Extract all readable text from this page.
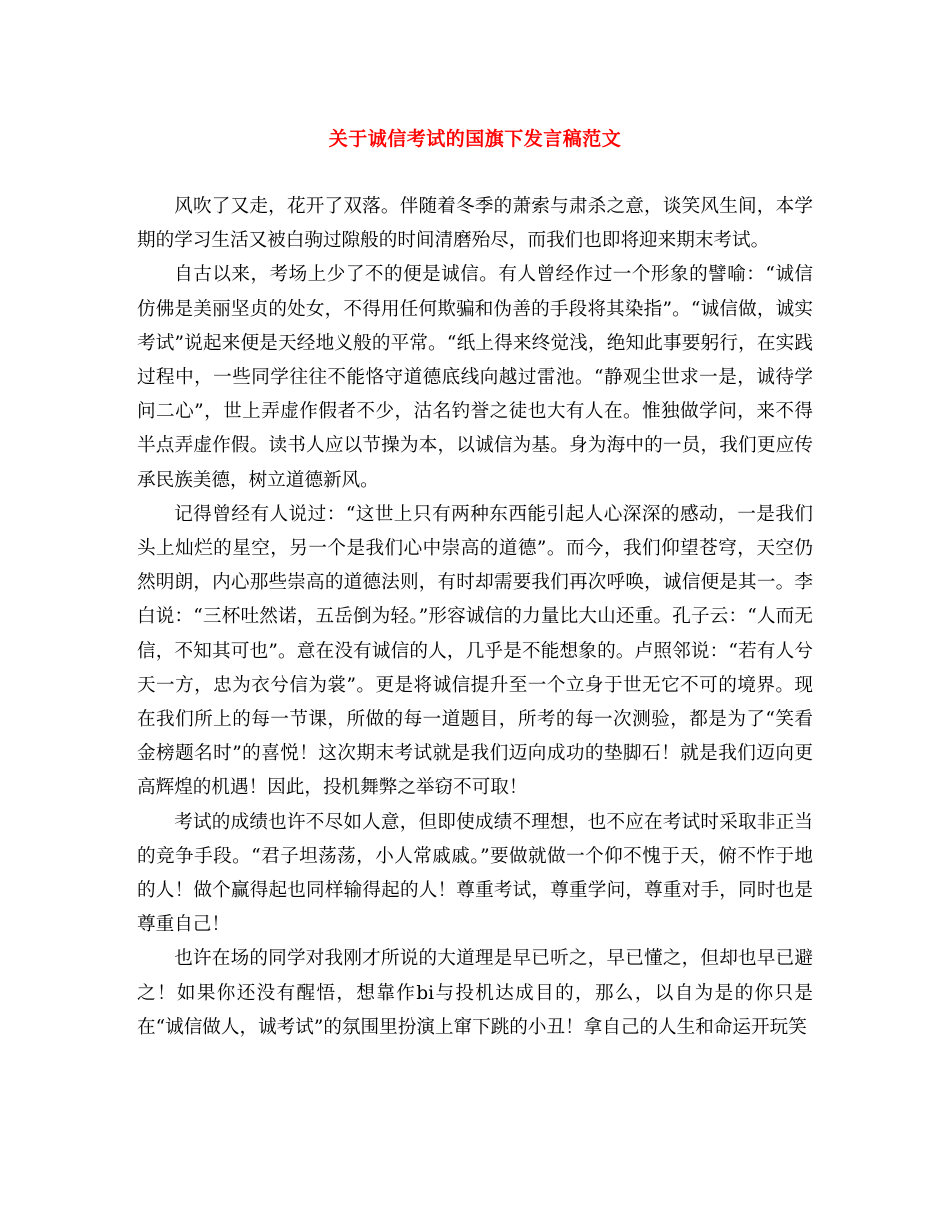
关于诚信考试的国旗下发言稿范文

风吹了又走，花开了双落。伴随着冬季的萧索与肃杀之意，谈笑风生间，本学期的学习生活又被白驹过隙般的时间清磨殆尽，而我们也即将迎来期末考试。

自古以来，考场上少了不的便是诚信。有人曾经作过一个形象的譬喻：“诚信仿佛是美丽坚贞的处女，不得用任何欺骗和伪善的手段将其染指”。“诚信做，诚实考试”说起来便是天经地义般的平常。“纸上得来终觉浅，绝知此事要躬行，在实践过程中，一些同学往往不能恪守道德底线向越过雷池。“静观尘世求一是，诚待学问二心”，世上弄虚作假者不少，沽名钓誉之徒也大有人在。惟独做学问，来不得半点弄虚作假。读书人应以节操为本，以诚信为基。身为海中的一员，我们更应传承民族美德，树立道德新风。

记得曾经有人说过：“这世上只有两种东西能引起人心深深的感动，一是我们头上灿烂的星空，另一个是我们心中崇高的道德”。而今，我们仰望苍穹，天空仍然明朗，内心那些崇高的道德法则，有时却需要我们再次呼唤，诚信便是其一。李白说：“三杯吐然诺，五岳倒为轻。”形容诚信的力量比大山还重。孔子云：“人而无信，不知其可也”。意在没有诚信的人，几乎是不能想象的。卢照邻说：“若有人兮天一方，忠为衣兮信为裳”。更是将诚信提升至一个立身于世无它不可的境界。现在我们所上的每一节课，所做的每一道题目，所考的每一次测验，都是为了“笑看金榜题名时”的喜悦！这次期末考试就是我们迈向成功的垫脚石！就是我们迈向更高辉煌的机遇！因此，投机舞弊之举窃不可取！

考试的成绩也许不尽如人意，但即使成绩不理想，也不应在考试时采取非正当的竞争手段。“君子坦荡荡，小人常戚戚。”要做就做一个仰不愧于天，俯不怍于地的人！做个赢得起也同样输得起的人！尊重考试，尊重学问，尊重对手，同时也是尊重自己！

也许在场的同学对我刚才所说的大道理是早已听之，早已懂之，但却也早已避之！如果你还没有醒悟，想靠作bi与投机达成目的，那么，以自为是的你只是在“诚信做人，诚考试”的氛围里扮演上窜下跳的小丑！拿自己的人生和命运开玩笑
